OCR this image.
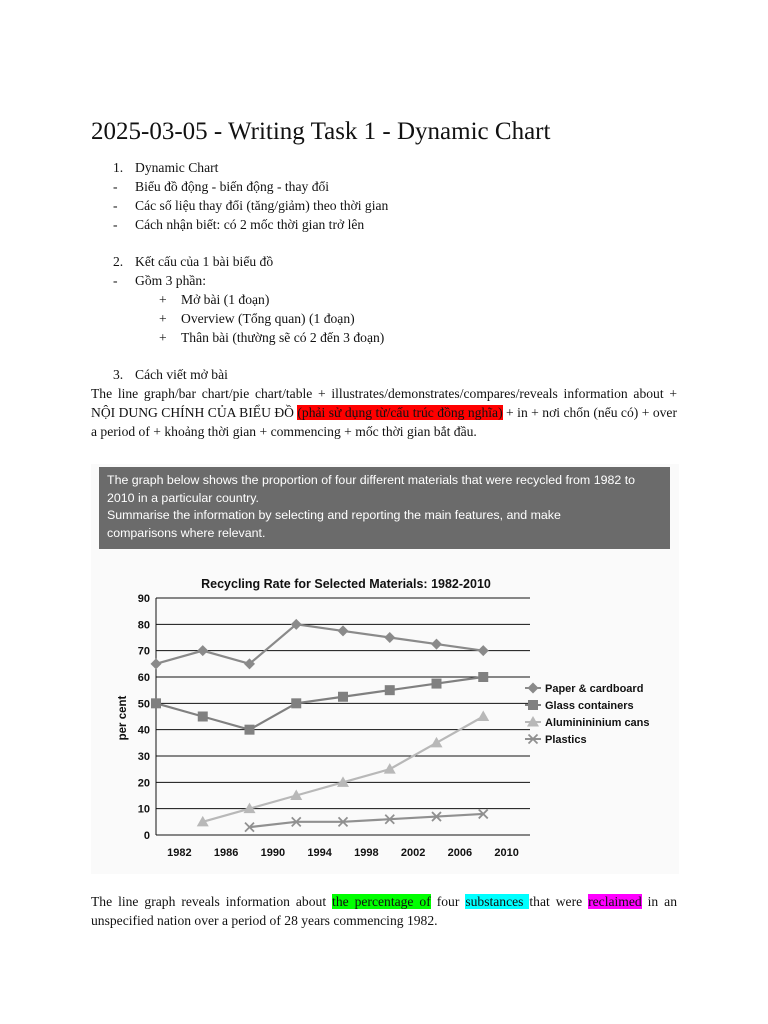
2025-03-05 - Writing Task 1 - Dynamic Chart
1. Dynamic Chart
- Biểu đồ động - biến động - thay đổi
- Các số liệu thay đổi (tăng/giảm) theo thời gian
- Cách nhận biết: có 2 mốc thời gian trở lên
2. Kết cấu của 1 bài biểu đồ
- Gồm 3 phần:
+ Mở bài (1 đoạn)
+ Overview (Tổng quan) (1 đoạn)
+ Thân bài (thường sẽ có 2 đến 3 đoạn)
3. Cách viết mở bài
The line graph/bar chart/pie chart/table + illustrates/demonstrates/compares/reveals information about + NỘI DUNG CHÍNH CỦA BIỂU ĐỒ (phải sử dụng từ/cấu trúc đồng nghĩa) + in + nơi chốn (nếu có) + over a period of + khoảng thời gian + commencing + mốc thời gian bắt đầu.
The graph below shows the proportion of four different materials that were recycled from 1982 to
2010 in a particular country.
Summarise the information by selecting and reporting the main features, and make
comparisons where relevant.
Recycling Rate for Selected Materials: 1982-2010
per cent
0
10
20
30
40
50
60
70
80
90
1982 1986 1990 1994 1998 2002 2006 2010
Paper & cardboard
Glass containers
Aluminininium cans
Plastics
The line graph reveals information about the percentage of four substances that were reclaimed in an unspecified nation over a period of 28 years commencing 1982.
